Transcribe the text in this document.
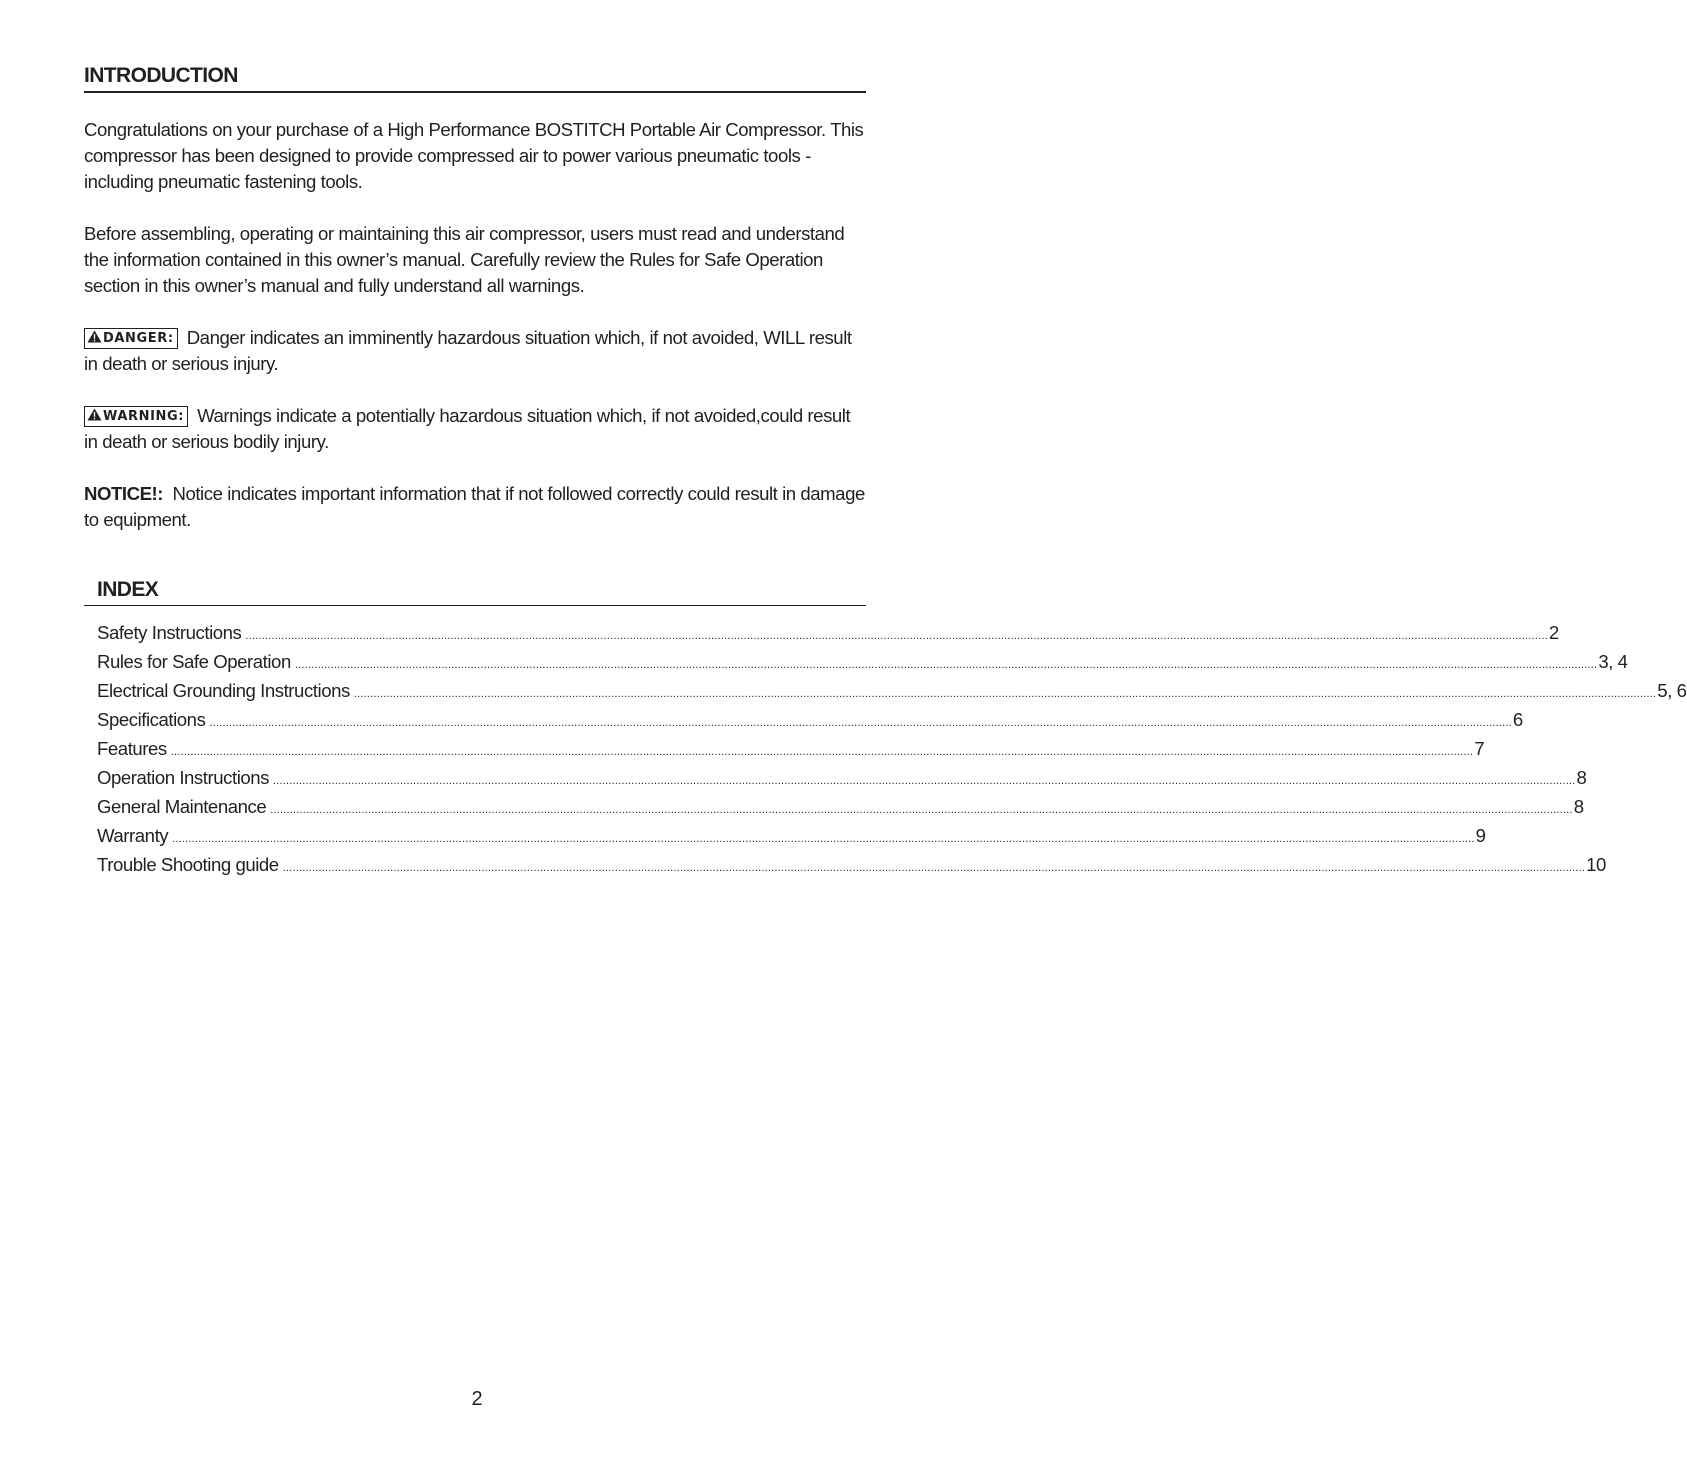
INTRODUCTION

Congratulations on your purchase of a High Performance BOSTITCH Portable Air Compressor. This compressor has been designed to provide compressed air to power various pneumatic tools - including pneumatic fastening tools.

Before assembling, operating or maintaining this air compressor, users must read and understand the information contained in this owner’s manual. Carefully review the Rules for Safe Operation section in this owner’s manual and fully understand all warnings.

DANGER: Danger indicates an imminently hazardous situation which, if not avoided, WILL result in death or serious injury.

WARNING: Warnings indicate a potentially hazardous situation which, if not avoided,could result in death or serious bodily injury.

NOTICE!: Notice indicates important information that if not followed correctly could result in damage to equipment.

INDEX
Safety Instructions ................................................................................................................................................................................................................................................................................................................................................................................................................ 2
Rules for Safe Operation ................................................................................................................................................................................................................................................................................................................................................................................................................ 3, 4
Electrical Grounding Instructions ................................................................................................................................................................................................................................................................................................................................................................................................................ 5, 6
Specifications ................................................................................................................................................................................................................................................................................................................................................................................................................ 6
Features ................................................................................................................................................................................................................................................................................................................................................................................................................ 7
Operation Instructions ................................................................................................................................................................................................................................................................................................................................................................................................................ 8
General Maintenance ................................................................................................................................................................................................................................................................................................................................................................................................................ 8
Warranty ................................................................................................................................................................................................................................................................................................................................................................................................................ 9
Trouble Shooting guide ................................................................................................................................................................................................................................................................................................................................................................................................................ 10
2
